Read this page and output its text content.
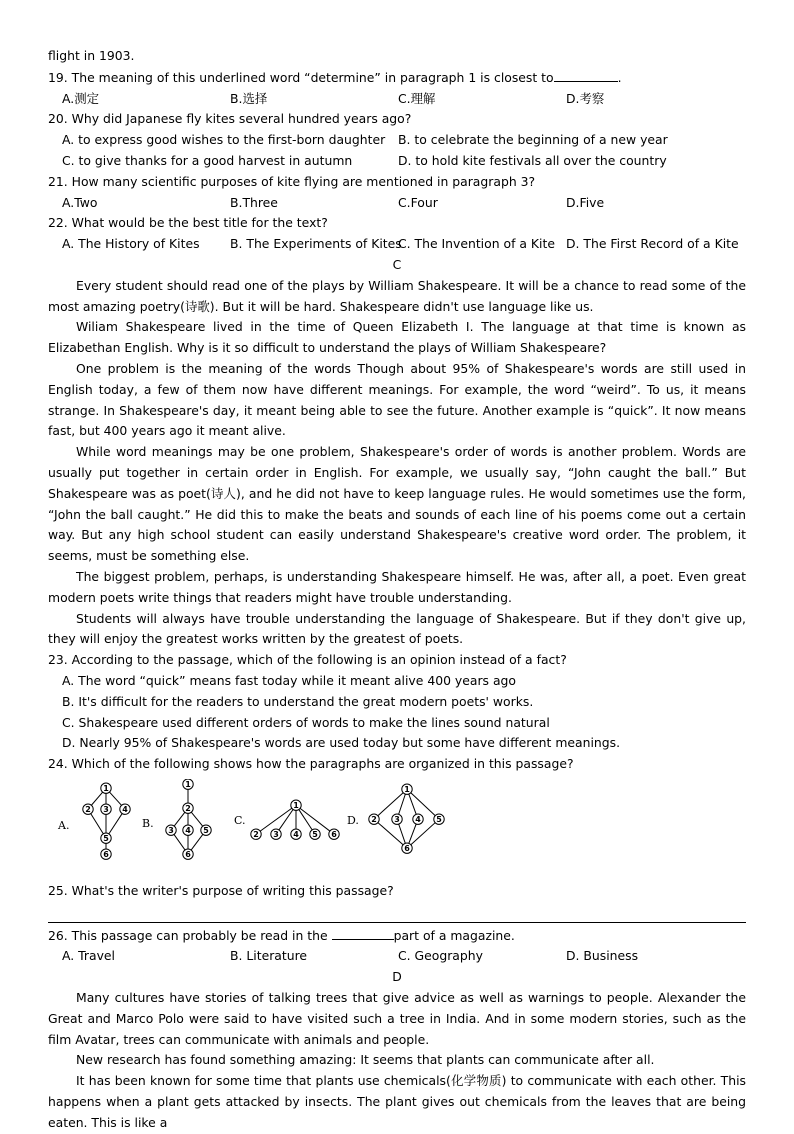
flight in 1903.
19. The meaning of this underlined word “determine” in paragraph 1 is closest to	.
A.测定	B.选择	C.理解	D.考察
20. Why did Japanese fly kites several hundred years ago?
A. to express good wishes to the first-born daughter	B. to celebrate the beginning of a new year
C. to give thanks for a good harvest in autumn	D. to hold kite festivals all over the country
21. How many scientific purposes of kite flying are mentioned in paragraph 3?
A.Two	B.Three	C.Four	D.Five
22. What would be the best title for the text?
A. The History of Kites	B. The Experiments of Kites
C. The Invention of a Kite D. The First Record of a Kite
C
Every student should read one of the plays by William Shakespeare. It will be a chance to read some of the most amazing poetry(诗歌). But it will be hard. Shakespeare didn't use language like us.
Wiliam Shakespeare lived in the time of Queen Elizabeth I. The language at that time is known as Elizabethan English. Why is it so difficult to understand the plays of William Shakespeare?
One problem is the meaning of the words Though about 95% of Shakespeare's words are still used in English today, a few of them now have different meanings. For example, the word “weird”. To us, it means strange. In Shakespeare's day, it meant being able to see the future. Another example is “quick”. It now means fast, but 400 years ago it meant alive.
While word meanings may be one problem, Shakespeare's order of words is another problem. Words are usually put together in certain order in English. For example, we usually say, “John caught the ball.” But Shakespeare was as poet(诗人), and he did not have to keep language rules. He would sometimes use the form, “John the ball caught.” He did this to make the beats and sounds of each line of his poems come out a certain way. But any high school student can easily understand Shakespeare's creative word order. The problem, it seems, must be something else.
The biggest problem, perhaps, is understanding Shakespeare himself. He was, after all, a poet. Even great modern poets write things that readers might have trouble understanding.
Students will always have trouble understanding the language of Shakespeare. But if they don't give up, they will enjoy the greatest works written by the greatest of poets.
23. According to the passage, which of the following is an opinion instead of a fact?
A. The word “quick” means fast today while it meant alive 400 years ago
B. It's difficult for the readers to understand the great modern poets' works.
C. Shakespeare used different orders of words to make the lines sound natural
D. Nearly 95% of Shakespeare's words are used today but some have different meanings.
24. Which of the following shows how the paragraphs are organized in this passage?
A.
1
2 3 4
5
6
B.
1
2
3 4 5
6
C.
1
2 3 4 5 6
D.
1
2 3 4 5
6
25. What's the writer's purpose of writing this passage?
26. This passage can probably be read in the	part of a magazine.
A. Travel	B. Literature	C. Geography	D. Business
D
Many cultures have stories of talking trees that give advice as well as warnings to people. Alexander the Great and Marco Polo were said to have visited such a tree in India. And in some modern stories, such as the film Avatar, trees can communicate with animals and people.
New research has found something amazing: It seems that plants can communicate after all.
It has been known for some time that plants use chemicals(化学物质) to communicate with each other. This happens when a plant gets attacked by insects. The plant gives out chemicals from the leaves that are being eaten. This is like a
